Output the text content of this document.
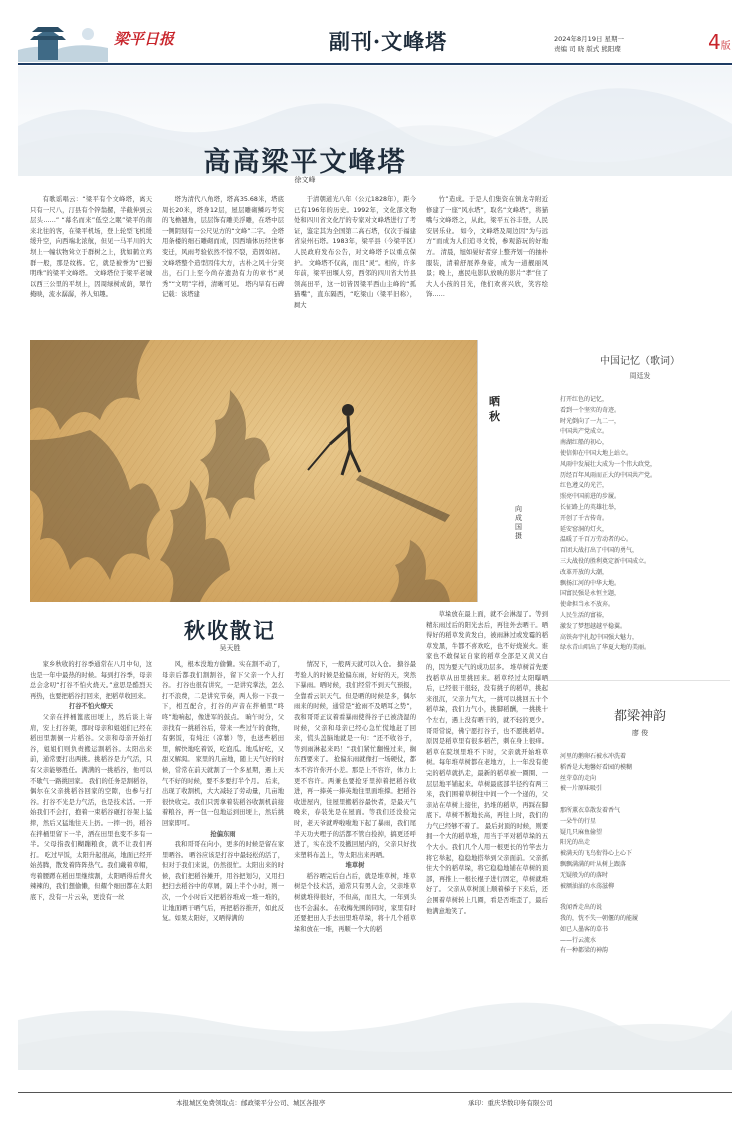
梁平日报	副刊·文峰塔	2024年8月19日 星期一
责编 司 晓 版式 熊阳璨	4版
高高梁平文峰塔
徐文峰

有歌谣唱云：“梁平有个文峰塔，离天只有一尺八，汀县有个锌翁摞，半截伸到云层头……” “幕名而来”低空之眠”梁平的南来北往的客，在梁平机场，登上轮型飞机缓缓升空，向西端北浓航，但见一马平川的大坝上一幢状物耸立于群树之上，犹如鹤立鸡群一般，那是纹栋。它，就是被誉为“巴蜀明珠”的梁平文峰塔。 文峰塔位于梁平老城以西三公里的平坝上，因周绿树成荫，翠竹掩映，流水潺潺，荞人知趣。

塔为清代八角塔，塔高35.68米，塔底周长20米，塔身12层，屋层雕砌鳞巧考究的飞檐翘角，层层饰有雕美浮雕，在塔中层一侧阴刻有一公尺见方的“文峰”二字。 全塔用条楼的细石雕砌而成，因西墙体历经世事变迁，风雨考验依然不惊不裂，造固如初。 文峰塔整个造型因伟大方，古朴之风十分突出，石门上至今尚存遗劲有力的章书“灵秀”“文明”字样，清晰可见。 塔内旱有石碑记载：该塔建

于清朝道光八年（公元1828年），距今已有196年的历史。1992年，文化部文物处和四川省文化厅的专家对文峰塔进行了考证，鉴定其为全国第二高石塔，仅次于福建省泉州石塔。1983年，梁平县（今梁平区）人民政府发布公告，对文峰塔予以重点保护。 文峰塔不仅高，而且“灵”。相传，许多年前，梁平田堰人穷，西邻的四川省大竹县领高田平，这一切皆因梁平西山主峰的“孤猫嘴”，直东隔西，“吃梁山（梁平旧称），屙大

竹”造成。于是人们集资在镇龙寺附近修建了一座“风水塔”，取名“文峰塔”，将猫嘴与文峰塔之，从此，梁平五谷丰登，人民安居乐业。 如今，文峰塔及周边因“为与远方”而成为人们追寻文悦，参观游玩的好地方。 清晨，旭如晏好者穿上整齐划一的抽朴服装，清着舒展养身姿，成为一道靓丽风景；晚上，惠民电影队放映的影片“孝”住了大人小孩的目光，他们欢喜兴欣，笑容绘饰……

晒秋
向成国 摄
秋收散记
吴天胜

家乡秋收的打谷季通常在八月中旬，这也是一年中最热的时候。每到打谷季，母亲总会念叨“打谷不怕火烧天。”意思是酷烈天再热，也要把稻谷打回来，把稻草收回来。

打谷不怕火燎天

父亲在拌桶篦底田埂上，然后谈上寄肩，安上打谷架，那时母亲和姐姐们已经在稻田里割倒一片稻谷。父亲和母亲开始打谷，姐姐们则负责搬运割稻谷。太阳出来前，通常要打出两挑。挑稻谷是力气活，只有父亲能够胜任。满满的一挑稻谷，他可以不歇气一路挑回家。 我们的任务是割稻谷，偶尔在父亲挑稻谷回家的空隙，也参与打谷。打谷不光是力气活，也是技术活。一开始我们不会打，抱着一束稻谷砸打谷架上猛摔，然后又猛地往天上扔。一摔一扔，稻谷在拌桶里留下一半，洒在田里也变不多有一半。父母指我们糊蹦粮食，就不让我们再打。 吃过早饭，太阳升起很高，地面已经开始蒸腾，散发着阵阵热气。我们戴着草帽，弯着腰蹲在稻田里继续割，太阳晒得后背火辣辣的，我们想偷懒，但耀个细田都在太阳底下，没有一片云朵，更没有一丝

风，根本没地方偷懒。实在割不动了，母亲后都我们割割谷，留下父亲一个人打谷。 打谷也很有讲究，一是讲究掌法，怎么打不浪费，二是讲究节奏，两人你一下我一下，相互配合，打谷的声音在拌桶里“咚咚”地响起，像进军的鼓点。 晌午时分，父亲找有一挑稻谷后，带来一些过午的食物，有粥饭，有炖汪（凉薯）等，也送些稻田里，解快地吃着饭，吃泡瓜。地瓜好吃，又甜又解渴。 家里的几亩地，随上天气好的时候，常常在前天就割了一个多星期，遇上天气不好的时候，要不多要打半个月。 后来，出现了收割机，大大减轻了劳动量，几亩地很快收完。我们只需拿着装稻谷收割机前接着粮谷，再一包一包地运到田埂上，然后挑回家即可。

抢偏东雨

我和哥哥在向小，更多的时候是留在家里晒谷。 晒谷应该是打谷中最轻松的活了，但对于我们来说，仍然很忙。太阳出来的时候，我们把稻谷摊开，用谷把划匀，又用扫把扫去稻谷中的草屑，隔上半个小时，则一次，一个小时后又把稻谷堆成一堆一堆的，让地面晒干晒气后，再把稻谷推开，如此反复。如果太阳好，又晒得满的

情况下，一般两天就可以入仓。 搪谷最考验人的时候是抢偏东雨，好好的天，突然下暴雨。晒时候，我们经常不到天气预报，全靠看云识天气。但是晒的时候是多，偶尔雨来的时候，通常是“抢雨不及晒耳之势”，我和哥哥正议着看暴雨使得谷子已被浇湿的时候，父亲和母亲已经心急忙慌地赶了回来，慌头盖脑地就是一句：“还不收谷子，等到雨淋起来吗！”我们紧忙翻慢过来，搁东西要来了。 抢偏东雨就像打一场硬仗，都本不容许你开小差。那是上不容许，体力上更不容许。两兼也要抢牙里掉着把稻谷收进，再一捧英一捧英地往里面堆撑。把稻谷收进屋内，往屋里搬稻谷最快者，是最天气晚来，春装先是在屋面。等我们还没捡完时，老天爷就哗啦啦地下起了暴雨，我们尾半天功夫哩子的活都不管白捡掉，搞更还呼进了，实在没不及撤回屋内的，父亲只好找来塑料布盖上，等太阳出来再晒。

堆草树

稻谷晒完后白占后，就是堆草树，堆草树是个技术活，通常只有男人会，父亲堆草树就堆得很好，不但高，而且大，一年到头也不会漏水。 在收梅先围的同时，家里有时还要把田人手去田里堆草垛，将十几个稻草垛和放在一堆，再顺一个大的稻

草垛放在最上面，就不会淋湿了。等到精东雨过后的阳光去后，再往外去晒干。晒得好的稻草发黄发白，被雨淋过或发霉的稻草发黑，牛都不喜欢吃，也不好烧炭火。谁家也不敢保证自家的稻草全部是又黄又白的，因为要天气的成功层多。 堆草树首先要找稻草从田里挑回来。稻草经过太阳曝晒后，已经很干很轻，没有挑子的稻草，挑起来很沉，父亲力气大，一挑可以挑回五十个稻草垛，我们力气小，挑脚稻酬，一挑挑十个左右，遇上没有晒干的，就不轻的更少。 哥哥常说，佛宁愿打谷子，也不愿挑稻草。原因是稻草里有很多稻芒，刺在身上很痒。 稻草在院坝里堆不下时，父亲就开始堆草树。每年堆草树都在老地方，上一年没有使完的稻草就扒走，最新的稻草被一圈圈、一层层地平铺起来。草树最底部半径约有两三米，我们围着草树往中间一个一个递的，父亲站在草树上接住，扔堆的稻草，再踩在脚底下。草树不断地长高，再往上时，我们的力气已经够不着了。 最后封顶的时候，则要拥一个大的稻草堆，用当于平对稻草垛的五个大小。我们几个人用一根更长的竹竿去力将它举起，稳稳地搭举到父亲面前。父亲抓住大个的稻草垛，将它稳稳地铺在草树的顶部，再推上一根长棍子进行固定，草树就堆好了。 父亲从草树顶上顺着梯子下来后，还会围着草树转上几圈，看是否堆歪了，最后他满意地笑了。

中国记忆（歌词）
周廷发
打开红色的记忆，
看到一个坚实的奇迹。
时光倒向了一九二一，
中国共产党成立。
南湖红船的初心，
使信仰在中国大地上站立。
风雨中发展壮大成为一个伟大政党，
历经百年风雨而正大的中国共产党。
红色遵义的光芒，
照亮中国前进的步履。
长征路上的英雄壮举，
开创了千古传奇。
延安窑洞的灯火，
温暖了千百万劳动者的心。
百团大战打出了中国的勇气，
三大战役的胜利奠定新中国成立。
改革开放的大潮，
飘扬江河的中华大地。
国富民强是永恒主题，
使命担当永不放弃。
人民生活的富裕，
激发了梦想越越平稳翼。
高铁奔宇扎起中国强大魅力，
绿水青山唱出了华夏大地的美丽。
都梁神韵
廖 俊
河里的鹅卵石被水冲洗着
稻香是大地馨好看园的模糊
丝芽草的走向
被一片原味吸引

那所薰衣草散发着香气
一朵牛的行星
疑几只麻鱼偷望
阳光的出走
被满天的飞鸟衔得心上心下
飘飘满满的叶从树上跟落
无疑般为的的落时
被额油油的水荡滋柳

我闻香走出的说
我的，恍不失一朝偃的的能履
如已人墨客的草书
——行云流水
有一种都梁的神韵
本报城区免费领取点：邮政梁平分公司、城区各报亭	承印：重庆华数印务有限公司
